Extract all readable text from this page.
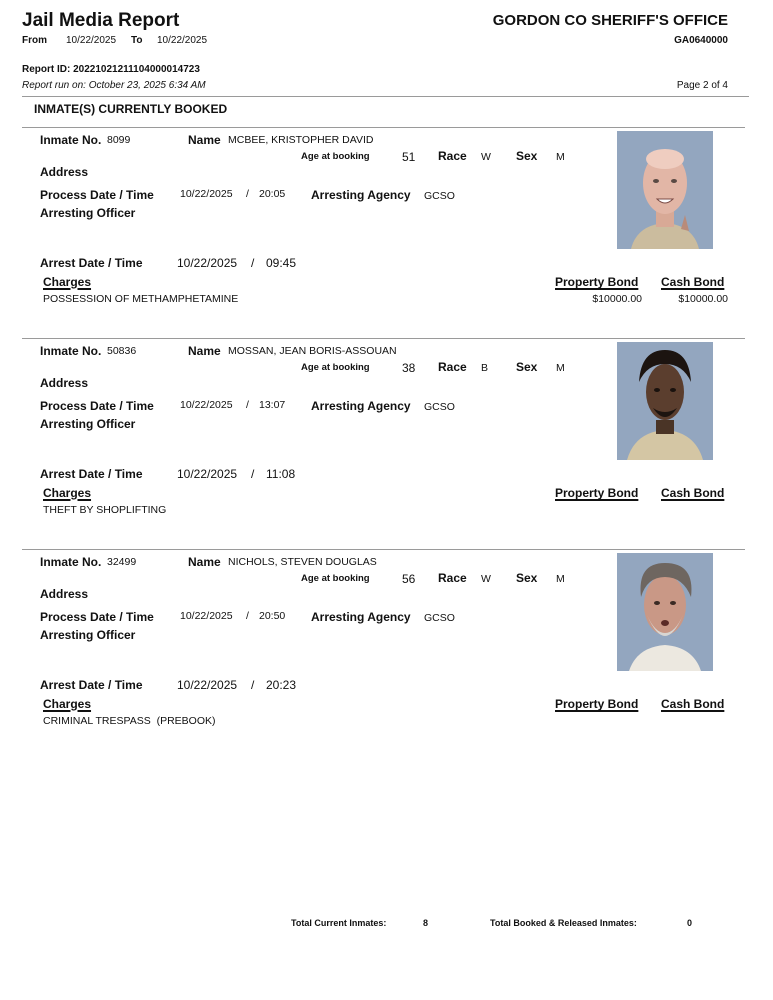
Jail Media Report
From 10/22/2025 To 10/22/2025
GORDON CO SHERIFF'S OFFICE
GA0640000
Report ID: 20221021211104000014723
Report run on: October 23, 2025 6:34 AM	Page 2 of 4
INMATE(S) CURRENTLY BOOKED
Inmate No. 8099	Name MCBEE, KRISTOPHER DAVID
Age at booking	51 Race W Sex M
Address
Process Date / Time 10/22/2025 / 20:05 Arresting Agency GCSO
Arresting Officer
Arrest Date / Time	10/22/2025 / 09:45
Charges	Property Bond Cash Bond
POSSESSION OF METHAMPHETAMINE	$10000.00	$10000.00
Inmate No. 50836	Name MOSSAN, JEAN BORIS-ASSOUAN
Age at booking	38 Race B Sex M
Address
Process Date / Time 10/22/2025 / 13:07 Arresting Agency GCSO
Arresting Officer
Arrest Date / Time	10/22/2025 / 11:08
Charges	Property Bond Cash Bond
THEFT BY SHOPLIFTING
Inmate No. 32499	Name NICHOLS, STEVEN DOUGLAS
Age at booking	56 Race W Sex M
Address
Process Date / Time 10/22/2025 / 20:50 Arresting Agency GCSO
Arresting Officer
Arrest Date / Time	10/22/2025 / 20:23
Charges	Property Bond Cash Bond
CRIMINAL TRESPASS  (PREBOOK)
Total Current Inmates:	8	Total Booked & Released Inmates:	0
